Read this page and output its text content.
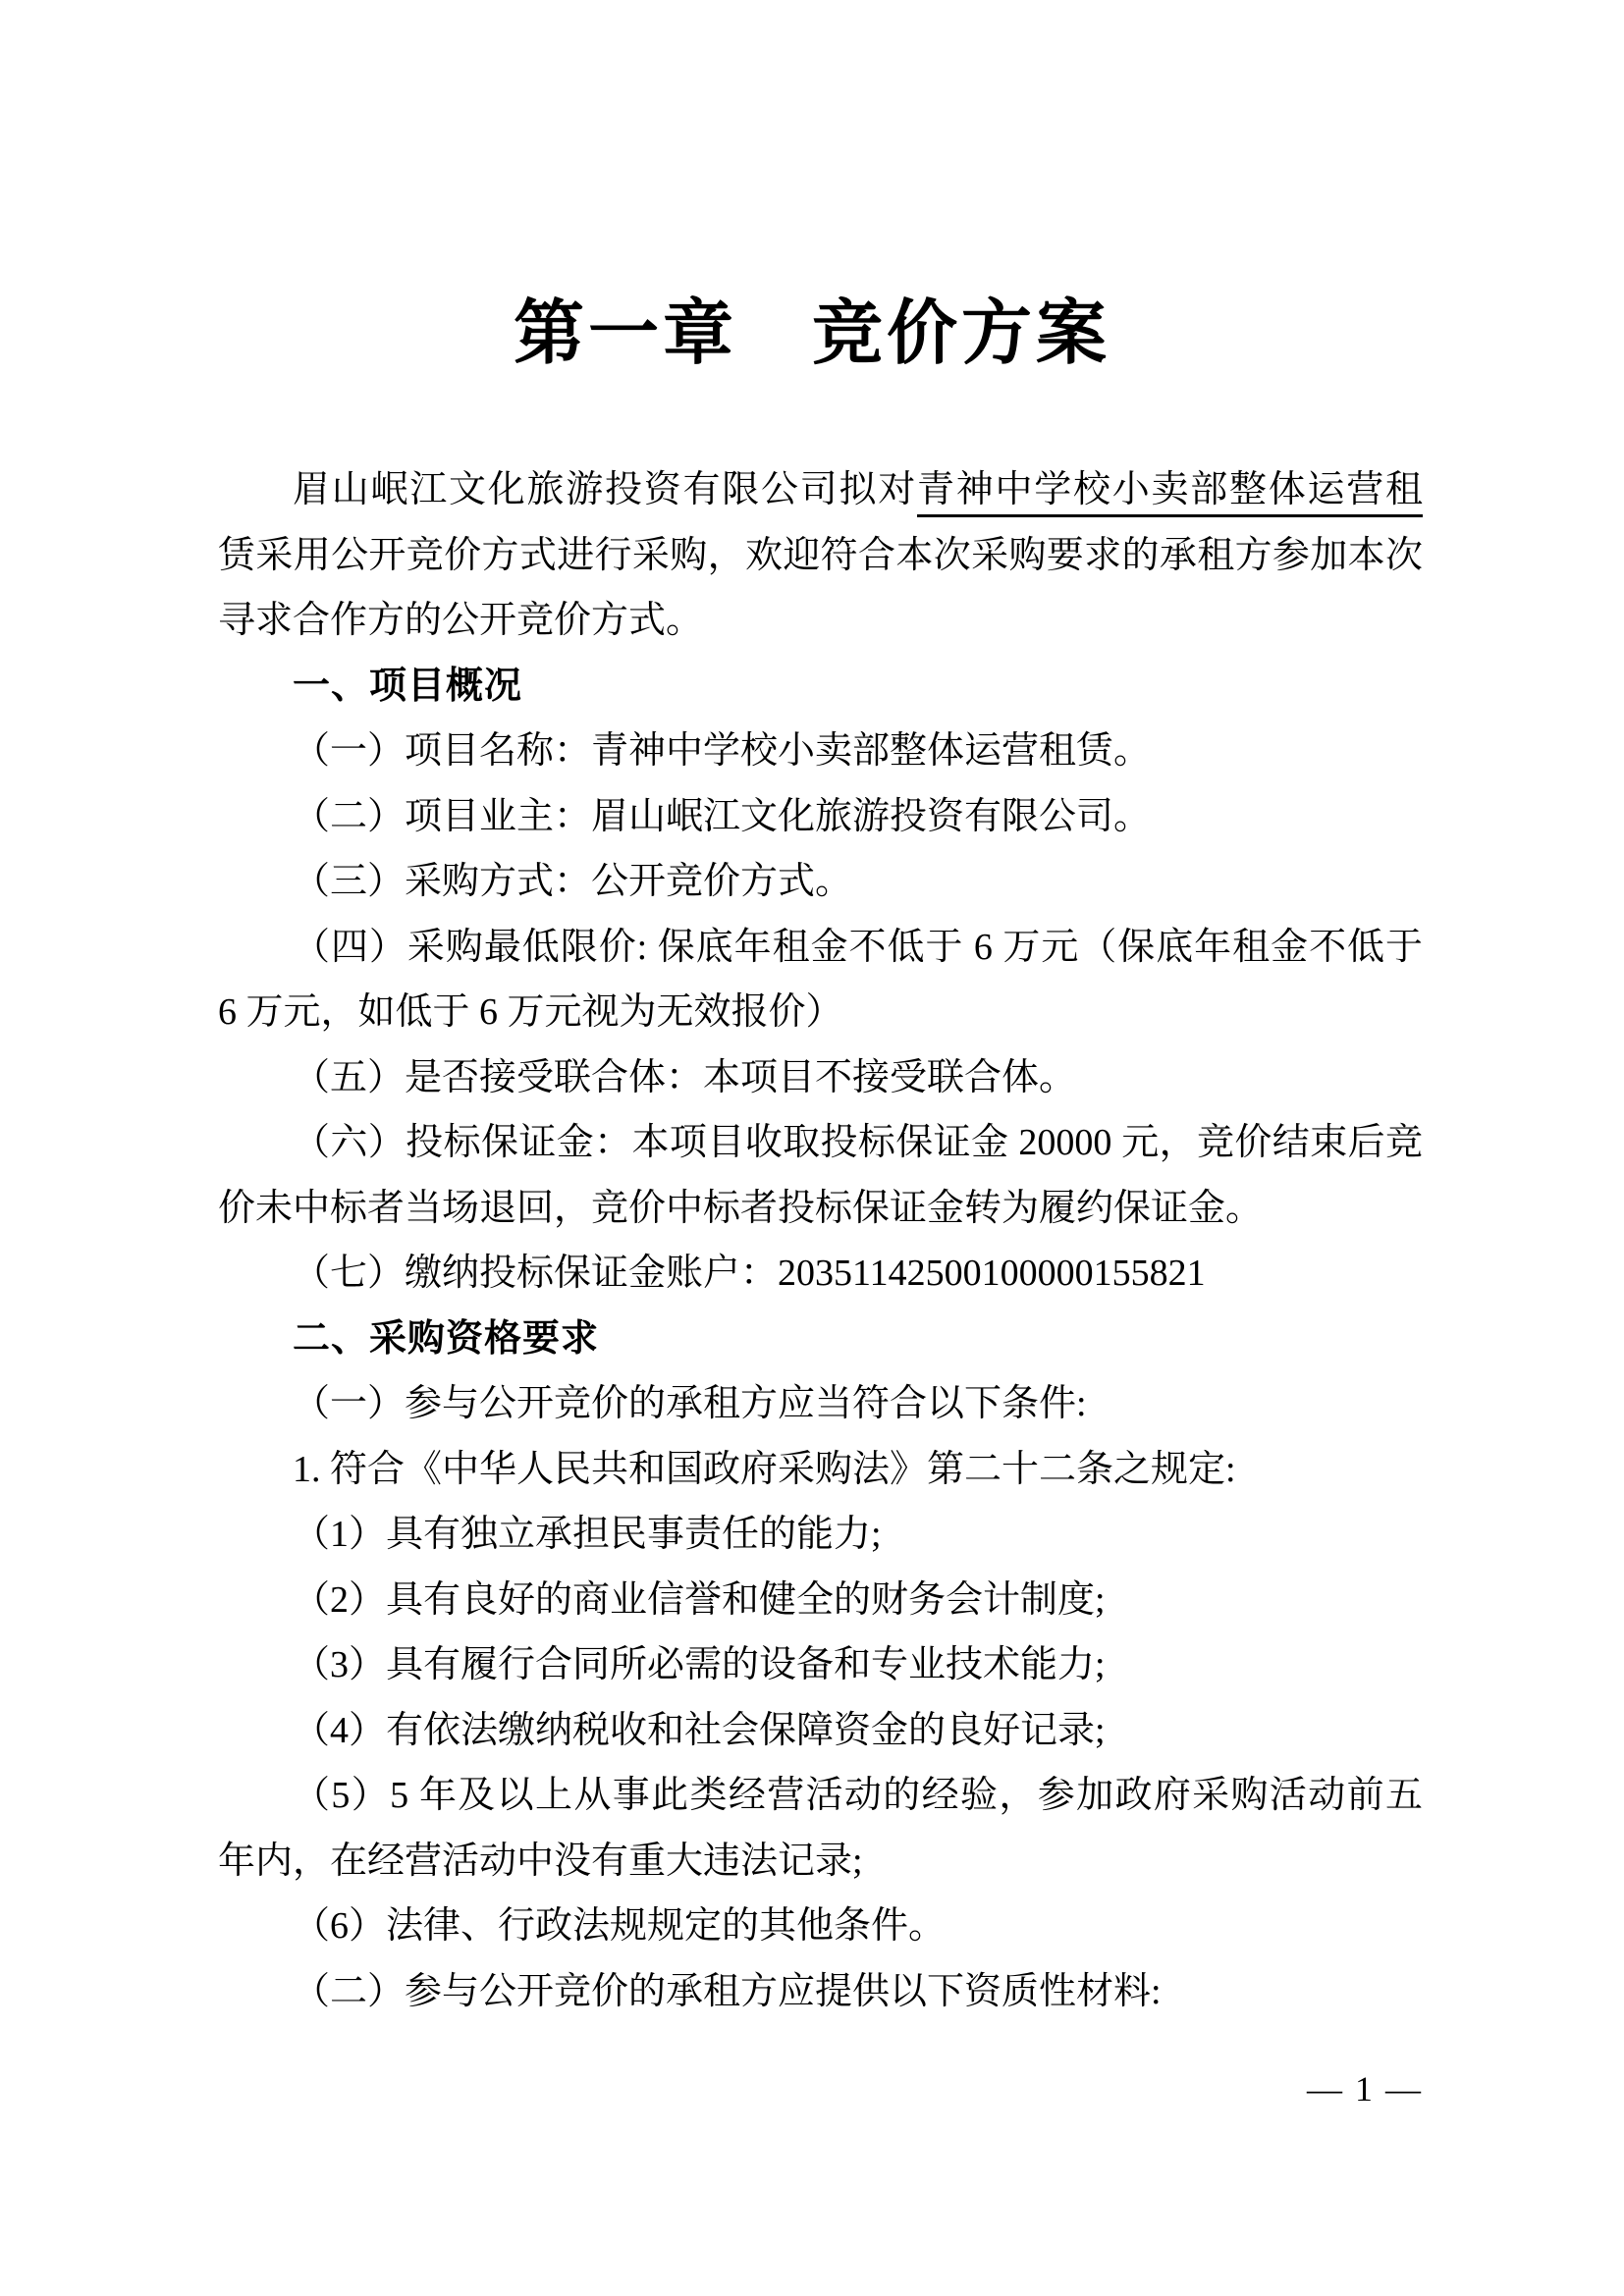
第一章　竞价方案
眉山岷江文化旅游投资有限公司拟对青神中学校小卖部整体运营租
赁采用公开竞价方式进行采购，欢迎符合本次采购要求的承租方参加本次
寻求合作方的公开竞价方式。
一、项目概况
（一）项目名称：青神中学校小卖部整体运营租赁。
（二）项目业主：眉山岷江文化旅游投资有限公司。
（三）采购方式：公开竞价方式。
（四）采购最低限价: 保底年租金不低于 6 万元（保底年租金不低于
6 万元，如低于 6 万元视为无效报价）
（五）是否接受联合体：本项目不接受联合体。
（六）投标保证金：本项目收取投标保证金 20000 元，竞价结束后竞
价未中标者当场退回，竞价中标者投标保证金转为履约保证金。
（七）缴纳投标保证金账户：20351142500100000155821
二、采购资格要求
（一）参与公开竞价的承租方应当符合以下条件:
1. 符合《中华人民共和国政府采购法》第二十二条之规定:
（1）具有独立承担民事责任的能力;
（2）具有良好的商业信誉和健全的财务会计制度;
（3）具有履行合同所必需的设备和专业技术能力;
（4）有依法缴纳税收和社会保障资金的良好记录;
（5）5 年及以上从事此类经营活动的经验，参加政府采购活动前五
年内，在经营活动中没有重大违法记录;
（6）法律、行政法规规定的其他条件。
（二）参与公开竞价的承租方应提供以下资质性材料:
— 1 —
